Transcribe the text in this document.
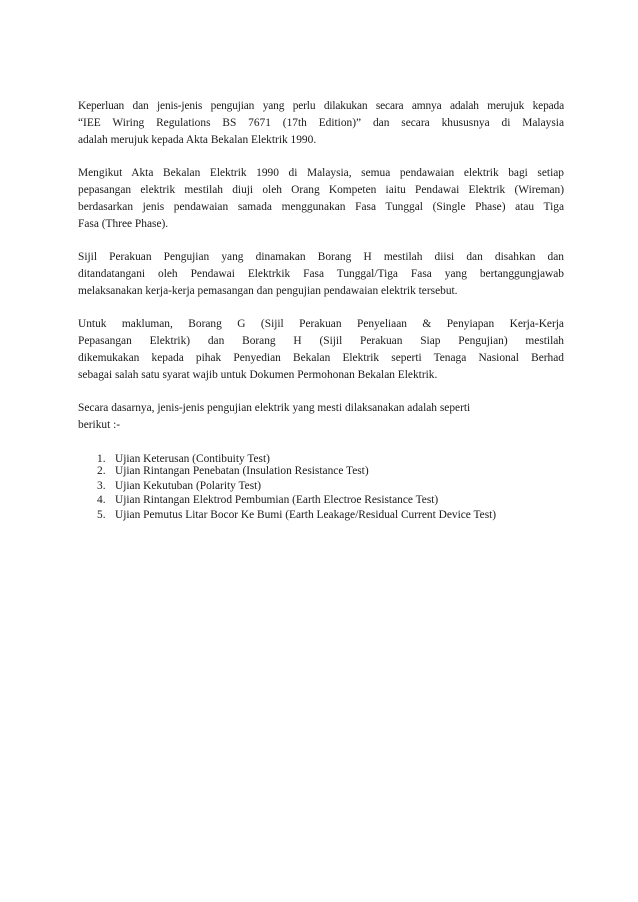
Keperluan dan jenis-jenis pengujian yang perlu dilakukan secara amnya adalah merujuk kepada
“IEE Wiring Regulations BS 7671 (17th Edition)” dan secara khususnya di Malaysia
adalah merujuk kepada Akta Bekalan Elektrik 1990.
Mengikut Akta Bekalan Elektrik 1990 di Malaysia, semua pendawaian elektrik bagi setiap
pepasangan elektrik mestilah diuji oleh Orang Kompeten iaitu Pendawai Elektrik (Wireman)
berdasarkan jenis pendawaian samada menggunakan Fasa Tunggal (Single Phase) atau Tiga
Fasa (Three Phase).
Sijil Perakuan Pengujian yang dinamakan Borang H mestilah diisi dan disahkan dan
ditandatangani oleh Pendawai Elektrkik Fasa Tunggal/Tiga Fasa yang bertanggungjawab
melaksanakan kerja-kerja pemasangan dan pengujian pendawaian elektrik tersebut.
Untuk makluman, Borang G (Sijil Perakuan Penyeliaan & Penyiapan Kerja-Kerja
Pepasangan Elektrik) dan Borang H (Sijil Perakuan Siap Pengujian) mestilah
dikemukakan kepada pihak Penyedian Bekalan Elektrik seperti Tenaga Nasional Berhad
sebagai salah satu syarat wajib untuk Dokumen Permohonan Bekalan Elektrik.
Secara dasarnya, jenis-jenis pengujian elektrik yang mesti dilaksanakan adalah seperti
berikut :-
1. Ujian Keterusan (Contibuity Test)
2. Ujian Rintangan Penebatan (Insulation Resistance Test)
3. Ujian Kekutuban (Polarity Test)
4. Ujian Rintangan Elektrod Pembumian (Earth Electroe Resistance Test)
5. Ujian Pemutus Litar Bocor Ke Bumi (Earth Leakage/Residual Current Device Test)
